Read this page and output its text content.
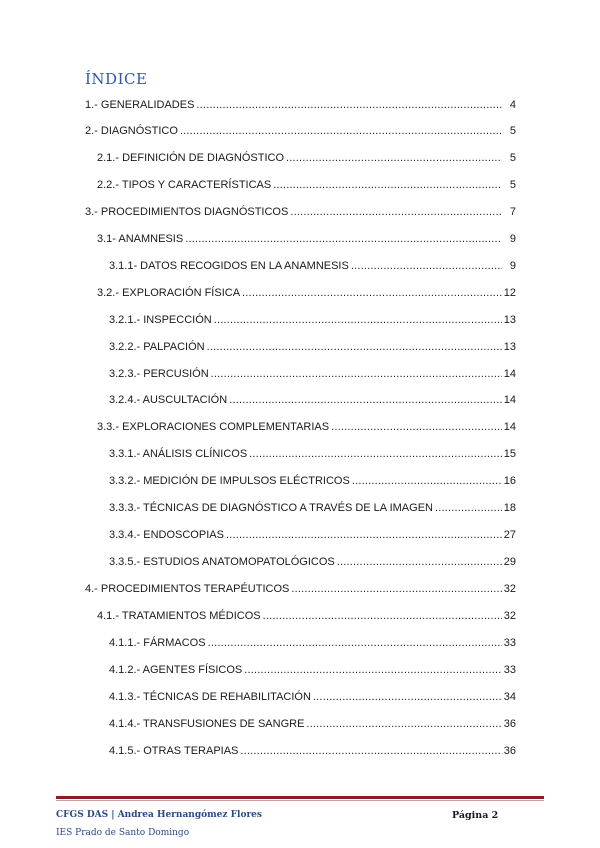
ÍNDICE
1.- GENERALIDADES .....	4
2.- DIAGNÓSTICO .....	5
2.1.- DEFINICIÓN DE DIAGNÓSTICO .....	5
2.2.- TIPOS Y CARACTERÍSTICAS .....	5
3.- PROCEDIMIENTOS DIAGNÓSTICOS .....	7
3.1- ANAMNESIS .....	9
3.1.1- DATOS RECOGIDOS EN LA ANAMNESIS .....	9
3.2.- EXPLORACIÓN FÍSICA .....	12
3.2.1.- INSPECCIÓN .....	13
3.2.2.- PALPACIÓN .....	13
3.2.3.- PERCUSIÓN .....	14
3.2.4.- AUSCULTACIÓN .....	14
3.3.- EXPLORACIONES COMPLEMENTARIAS .....	14
3.3.1.- ANÁLISIS CLÍNICOS .....	15
3.3.2.- MEDICIÓN DE IMPULSOS ELÉCTRICOS .....	16
3.3.3.- TÉCNICAS DE DIAGNÓSTICO A TRAVÉS DE LA IMAGEN .....	18
3.3.4.- ENDOSCOPIAS .....	27
3.3.5.- ESTUDIOS ANATOMOPATOLÓGICOS .....	29
4.- PROCEDIMIENTOS TERAPÉUTICOS .....	32
4.1.- TRATAMIENTOS MÉDICOS .....	32
4.1.1.- FÁRMACOS .....	33
4.1.2.- AGENTES FÍSICOS .....	33
4.1.3.- TÉCNICAS DE REHABILITACIÓN .....	34
4.1.4.- TRANSFUSIONES DE SANGRE .....	36
4.1.5.- OTRAS TERAPIAS .....	36
CFGS DAS | Andrea Hernangómez Flores
IES Prado de Santo Domingo
Página 2
